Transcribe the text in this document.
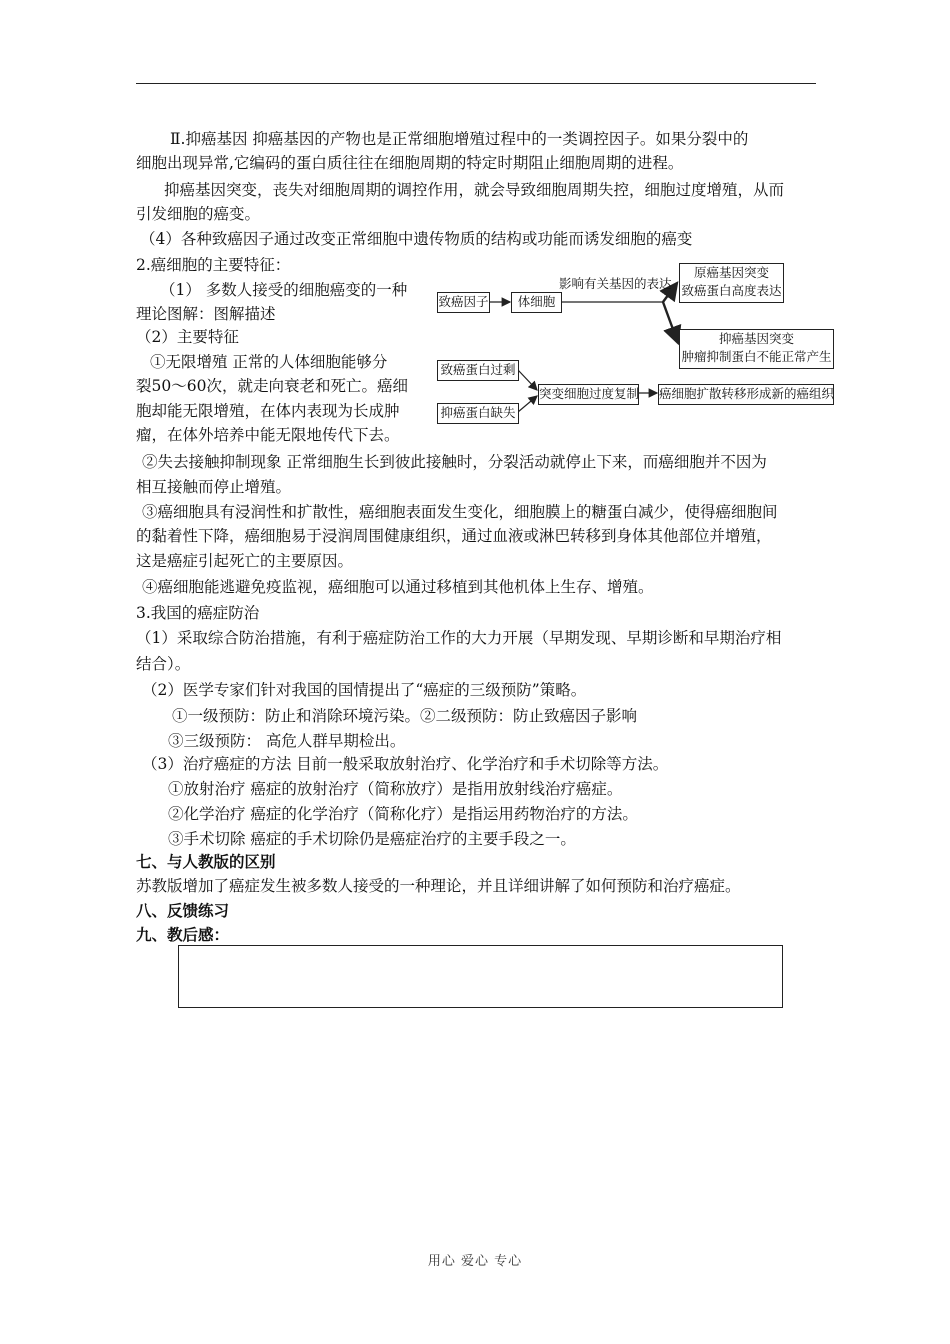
Ⅱ.抑癌基因 抑癌基因的产物也是正常细胞增殖过程中的一类调控因子。如果分裂中的
细胞出现异常,它编码的蛋白质往往在细胞周期的特定时期阻止细胞周期的进程。
抑癌基因突变，丧失对细胞周期的调控作用，就会导致细胞周期失控，细胞过度增殖，从而
引发细胞的癌变。
（4）各种致癌因子通过改变正常细胞中遗传物质的结构或功能而诱发细胞的癌变
2.癌细胞的主要特征：
（1） 多数人接受的细胞癌变的一种
理论图解：图解描述
（2）主要特征
①无限增殖 正常的人体细胞能够分
裂50～60次，就走向衰老和死亡。癌细
胞却能无限增殖，在体内表现为长成肿
瘤，在体外培养中能无限地传代下去。
②失去接触抑制现象 正常细胞生长到彼此接触时，分裂活动就停止下来，而癌细胞并不因为
相互接触而停止增殖。
③癌细胞具有浸润性和扩散性，癌细胞表面发生变化，细胞膜上的糖蛋白减少，使得癌细胞间
的黏着性下降，癌细胞易于浸润周围健康组织，通过血液或淋巴转移到身体其他部位并增殖，
这是癌症引起死亡的主要原因。
④癌细胞能逃避免疫监视，癌细胞可以通过移植到其他机体上生存、增殖。
3.我国的癌症防治
（1）采取综合防治措施，有利于癌症防治工作的大力开展（早期发现、早期诊断和早期治疗相
结合）。
（2）医学专家们针对我国的国情提出了“癌症的三级预防”策略。
①一级预防：防止和消除环境污染。②二级预防：防止致癌因子影响
③三级预防： 高危人群早期检出。
（3）治疗癌症的方法 目前一般采取放射治疗、化学治疗和手术切除等方法。
①放射治疗 癌症的放射治疗（简称放疗）是指用放射线治疗癌症。
②化学治疗 癌症的化学治疗（简称化疗）是指运用药物治疗的方法。
③手术切除 癌症的手术切除仍是癌症治疗的主要手段之一。
七、与人教版的区别
苏教版增加了癌症发生被多数人接受的一种理论，并且详细讲解了如何预防和治疗癌症。
八、反馈练习
九、教后感：
致癌因子	体细胞
影响有关基因的表达
原癌基因突变
致癌蛋白高度表达
抑癌基因突变
肿瘤抑制蛋白不能正常产生
致癌蛋白过剩
抑癌蛋白缺失
突变细胞过度复制 癌细胞扩散转移形成新的癌组织
用心 爱心 专心
